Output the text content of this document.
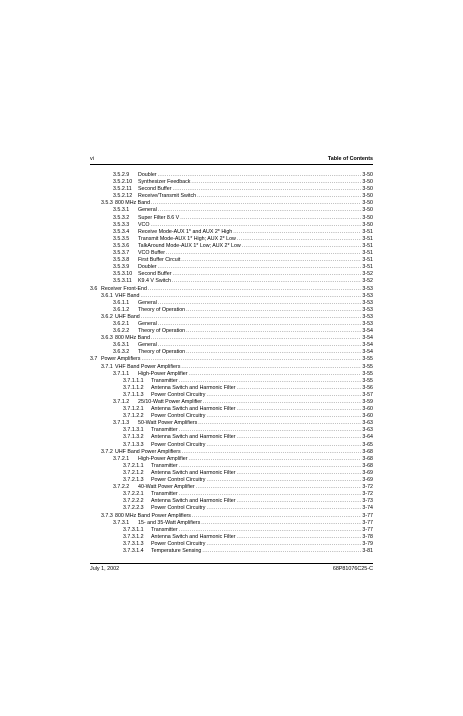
vi	Table of Contents
3.5.2.9	Doubler .....	3-50
3.5.2.10	Synthesizer Feedback .....	3-50
3.5.2.11	Second Buffer .....	3-50
3.5.2.12	Receive/Transmit Switch .....	3-50
3.5.3 800 MHz Band .....	3-50
3.5.3.1	General .....	3-50
3.5.3.2	Super Filter 8.6 V .....	3-50
3.5.3.3	VCO .....	3-50
3.5.3.4	Receive Mode-AUX 1* and AUX 2* High .....	3-51
3.5.3.5	Transmit Mode-AUX 1* High; AUX 2* Low .....	3-51
3.5.3.6	TalkAround Mode-AUX 1* Low; AUX 2* Low .....	3-51
3.5.3.7	VCO Buffer .....	3-51
3.5.3.8	First Buffer Circuit .....	3-51
3.5.3.9	Doubler .....	3-51
3.5.3.10	Second Buffer .....	3-52
3.5.3.11	K9.4 V Switch .....	3-52
3.6 Receiver Front-End .....	3-53
3.6.1 VHF Band .....	3-53
3.6.1.1	General .....	3-53
3.6.1.2	Theory of Operation .....	3-53
3.6.2 UHF Band .....	3-53
3.6.2.1	General .....	3-53
3.6.2.2	Theory of Operation .....	3-54
3.6.3 800 MHz Band .....	3-54
3.6.3.1	General .....	3-54
3.6.3.2	Theory of Operation .....	3-54
3.7 Power Amplifiers .....	3-55
3.7.1 VHF Band Power Amplifiers .....	3-55
3.7.1.1	High-Power Amplifier .....	3-55
3.7.1.1.1	Transmitter .....	3-55
3.7.1.1.2	Antenna Switch and Harmonic Filter .....	3-56
3.7.1.1.3	Power Control Circuitry .....	3-57
3.7.1.2	25/10-Watt Power Amplifier .....	3-59
3.7.1.2.1	Antenna Switch and Harmonic Filter .....	3-60
3.7.1.2.2	Power Control Circuitry .....	3-60
3.7.1.3	50-Watt Power Amplifiers .....	3-63
3.7.1.3.1	Transmitter .....	3-63
3.7.1.3.2	Antenna Switch and Harmonic Filter .....	3-64
3.7.1.3.3	Power Control Circuitry .....	3-65
3.7.2 UHF Band Power Amplifiers .....	3-68
3.7.2.1	High-Power Amplifier .....	3-68
3.7.2.1.1	Transmitter .....	3-68
3.7.2.1.2	Antenna Switch and Harmonic Filter .....	3-69
3.7.2.1.3	Power Control Circuitry .....	3-69
3.7.2.2	40-Watt Power Amplifier .....	3-72
3.7.2.2.1	Transmitter .....	3-72
3.7.2.2.2	Antenna Switch and Harmonic Filter .....	3-73
3.7.2.2.3	Power Control Circuitry .....	3-74
3.7.3 800 MHz Band Power Amplifiers .....	3-77
3.7.3.1	15- and 35-Watt Amplifiers .....	3-77
3.7.3.1.1	Transmitter .....	3-77
3.7.3.1.2	Antenna Switch and Harmonic Filter .....	3-78
3.7.3.1.3	Power Control Circuitry .....	3-79
3.7.3.1.4	Temperature Sensing .....	3-81
July 1, 2002	68P81076C25-C
